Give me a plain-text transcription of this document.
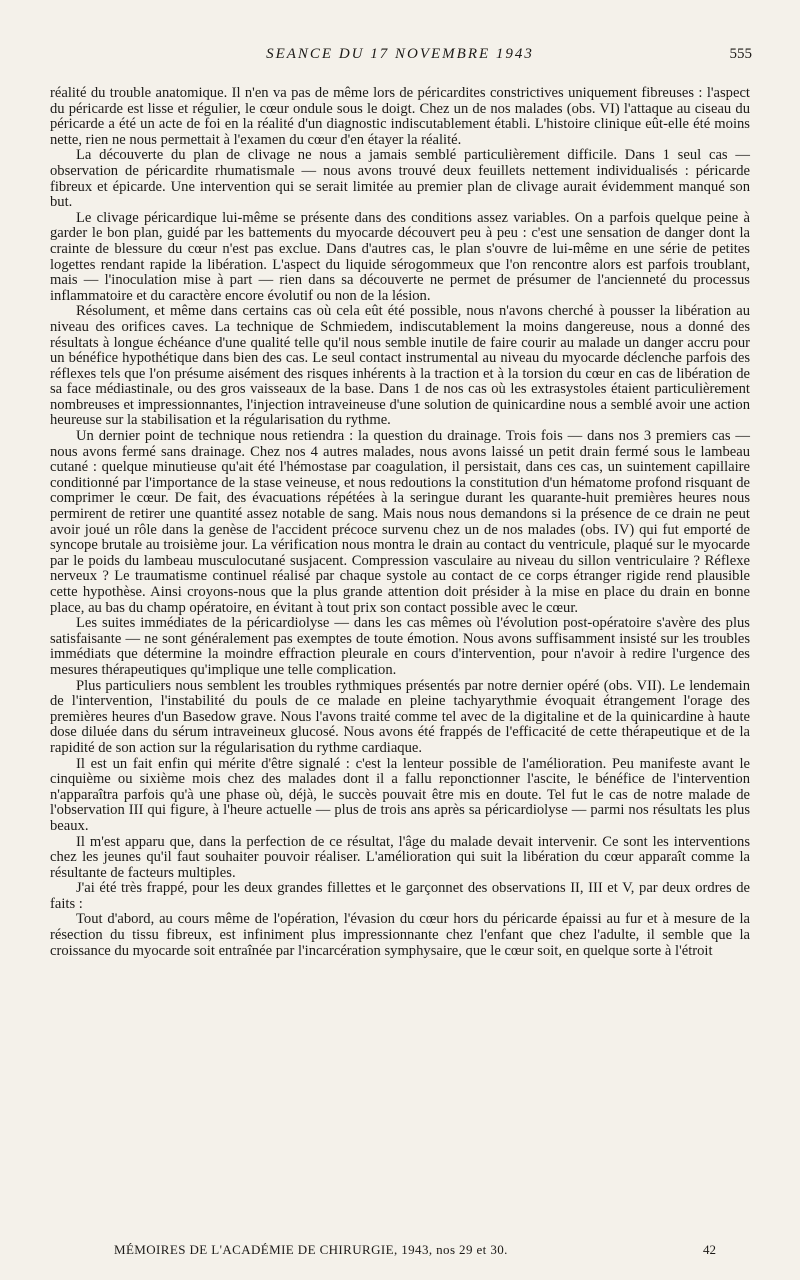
SEANCE DU 17 NOVEMBRE 1943	555

réalité du trouble anatomique. Il n'en va pas de même lors de péricardites constrictives uniquement fibreuses : l'aspect du péricarde est lisse et régulier, le cœur ondule sous le doigt. Chez un de nos malades (obs. VI) l'attaque au ciseau du péricarde a été un acte de foi en la réalité d'un diagnostic indiscutablement établi. L'histoire clinique eût-elle été moins nette, rien ne nous permettait à l'examen du cœur d'en étayer la réalité.

La découverte du plan de clivage ne nous a jamais semblé particulièrement difficile. Dans 1 seul cas — observation de péricardite rhumatismale — nous avons trouvé deux feuillets nettement individualisés : péricarde fibreux et épicarde. Une intervention qui se serait limitée au premier plan de clivage aurait évidemment manqué son but.

Le clivage péricardique lui-même se présente dans des conditions assez variables. On a parfois quelque peine à garder le bon plan, guidé par les battements du myocarde découvert peu à peu : c'est une sensation de danger dont la crainte de blessure du cœur n'est pas exclue. Dans d'autres cas, le plan s'ouvre de lui-même en une série de petites logettes rendant rapide la libération. L'aspect du liquide sérogommeux que l'on rencontre alors est parfois troublant, mais — l'inoculation mise à part — rien dans sa découverte ne permet de présumer de l'ancienneté du processus inflammatoire et du caractère encore évolutif ou non de la lésion.

Résolument, et même dans certains cas où cela eût été possible, nous n'avons cherché à pousser la libération au niveau des orifices caves. La technique de Schmiedem, indiscutablement la moins dangereuse, nous a donné des résultats à longue échéance d'une qualité telle qu'il nous semble inutile de faire courir au malade un danger accru pour un bénéfice hypothétique dans bien des cas. Le seul contact instrumental au niveau du myocarde déclenche parfois des réflexes tels que l'on présume aisément des risques inhérents à la traction et à la torsion du cœur en cas de libération de sa face médiastinale, ou des gros vaisseaux de la base. Dans 1 de nos cas où les extrasystoles étaient particulièrement nombreuses et impressionnantes, l'injection intraveineuse d'une solution de quinicardine nous a semblé avoir une action heureuse sur la stabilisation et la régularisation du rythme.

Un dernier point de technique nous retiendra : la question du drainage. Trois fois — dans nos 3 premiers cas — nous avons fermé sans drainage. Chez nos 4 autres malades, nous avons laissé un petit drain fermé sous le lambeau cutané : quelque minutieuse qu'ait été l'hémostase par coagulation, il persistait, dans ces cas, un suintement capillaire conditionné par l'importance de la stase veineuse, et nous redoutions la constitution d'un hématome profond risquant de comprimer le cœur. De fait, des évacuations répétées à la seringue durant les quarante-huit premières heures nous permirent de retirer une quantité assez notable de sang. Mais nous nous demandons si la présence de ce drain ne peut avoir joué un rôle dans la genèse de l'accident précoce survenu chez un de nos malades (obs. IV) qui fut emporté de syncope brutale au troisième jour. La vérification nous montra le drain au contact du ventricule, plaqué sur le myocarde par le poids du lambeau musculocutané susjacent. Compression vasculaire au niveau du sillon ventriculaire ? Réflexe nerveux ? Le traumatisme continuel réalisé par chaque systole au contact de ce corps étranger rigide rend plausible cette hypothèse. Ainsi croyons-nous que la plus grande attention doit présider à la mise en place du drain en bonne place, au bas du champ opératoire, en évitant à tout prix son contact possible avec le cœur.

Les suites immédiates de la péricardiolyse — dans les cas mêmes où l'évolution post-opératoire s'avère des plus satisfaisante — ne sont généralement pas exemptes de toute émotion. Nous avons suffisamment insisté sur les troubles immédiats que détermine la moindre effraction pleurale en cours d'intervention, pour n'avoir à redire l'urgence des mesures thérapeutiques qu'implique une telle complication.

Plus particuliers nous semblent les troubles rythmiques présentés par notre dernier opéré (obs. VII). Le lendemain de l'intervention, l'instabilité du pouls de ce malade en pleine tachyarythmie évoquait étrangement l'orage des premières heures d'un Basedow grave. Nous l'avons traité comme tel avec de la digitaline et de la quinicardine à haute dose diluée dans du sérum intraveineux glucosé. Nous avons été frappés de l'efficacité de cette thérapeutique et de la rapidité de son action sur la régularisation du rythme cardiaque.

Il est un fait enfin qui mérite d'être signalé : c'est la lenteur possible de l'amélioration. Peu manifeste avant le cinquième ou sixième mois chez des malades dont il a fallu reponctionner l'ascite, le bénéfice de l'intervention n'apparaîtra parfois qu'à une phase où, déjà, le succès pouvait être mis en doute. Tel fut le cas de notre malade de l'observation III qui figure, à l'heure actuelle — plus de trois ans après sa péricardiolyse — parmi nos résultats les plus beaux.

Il m'est apparu que, dans la perfection de ce résultat, l'âge du malade devait intervenir. Ce sont les interventions chez les jeunes qu'il faut souhaiter pouvoir réaliser. L'amélioration qui suit la libération du cœur apparaît comme la résultante de facteurs multiples.

J'ai été très frappé, pour les deux grandes fillettes et le garçonnet des observations II, III et V, par deux ordres de faits :

Tout d'abord, au cours même de l'opération, l'évasion du cœur hors du péricarde épaissi au fur et à mesure de la résection du tissu fibreux, est infiniment plus impressionnante chez l'enfant que chez l'adulte, il semble que la croissance du myocarde soit entraînée par l'incarcération symphysaire, que le cœur soit, en quelque sorte à l'étroit

MÉMOIRES DE L'ACADÉMIE DE CHIRURGIE, 1943, nos 29 et 30.	42
